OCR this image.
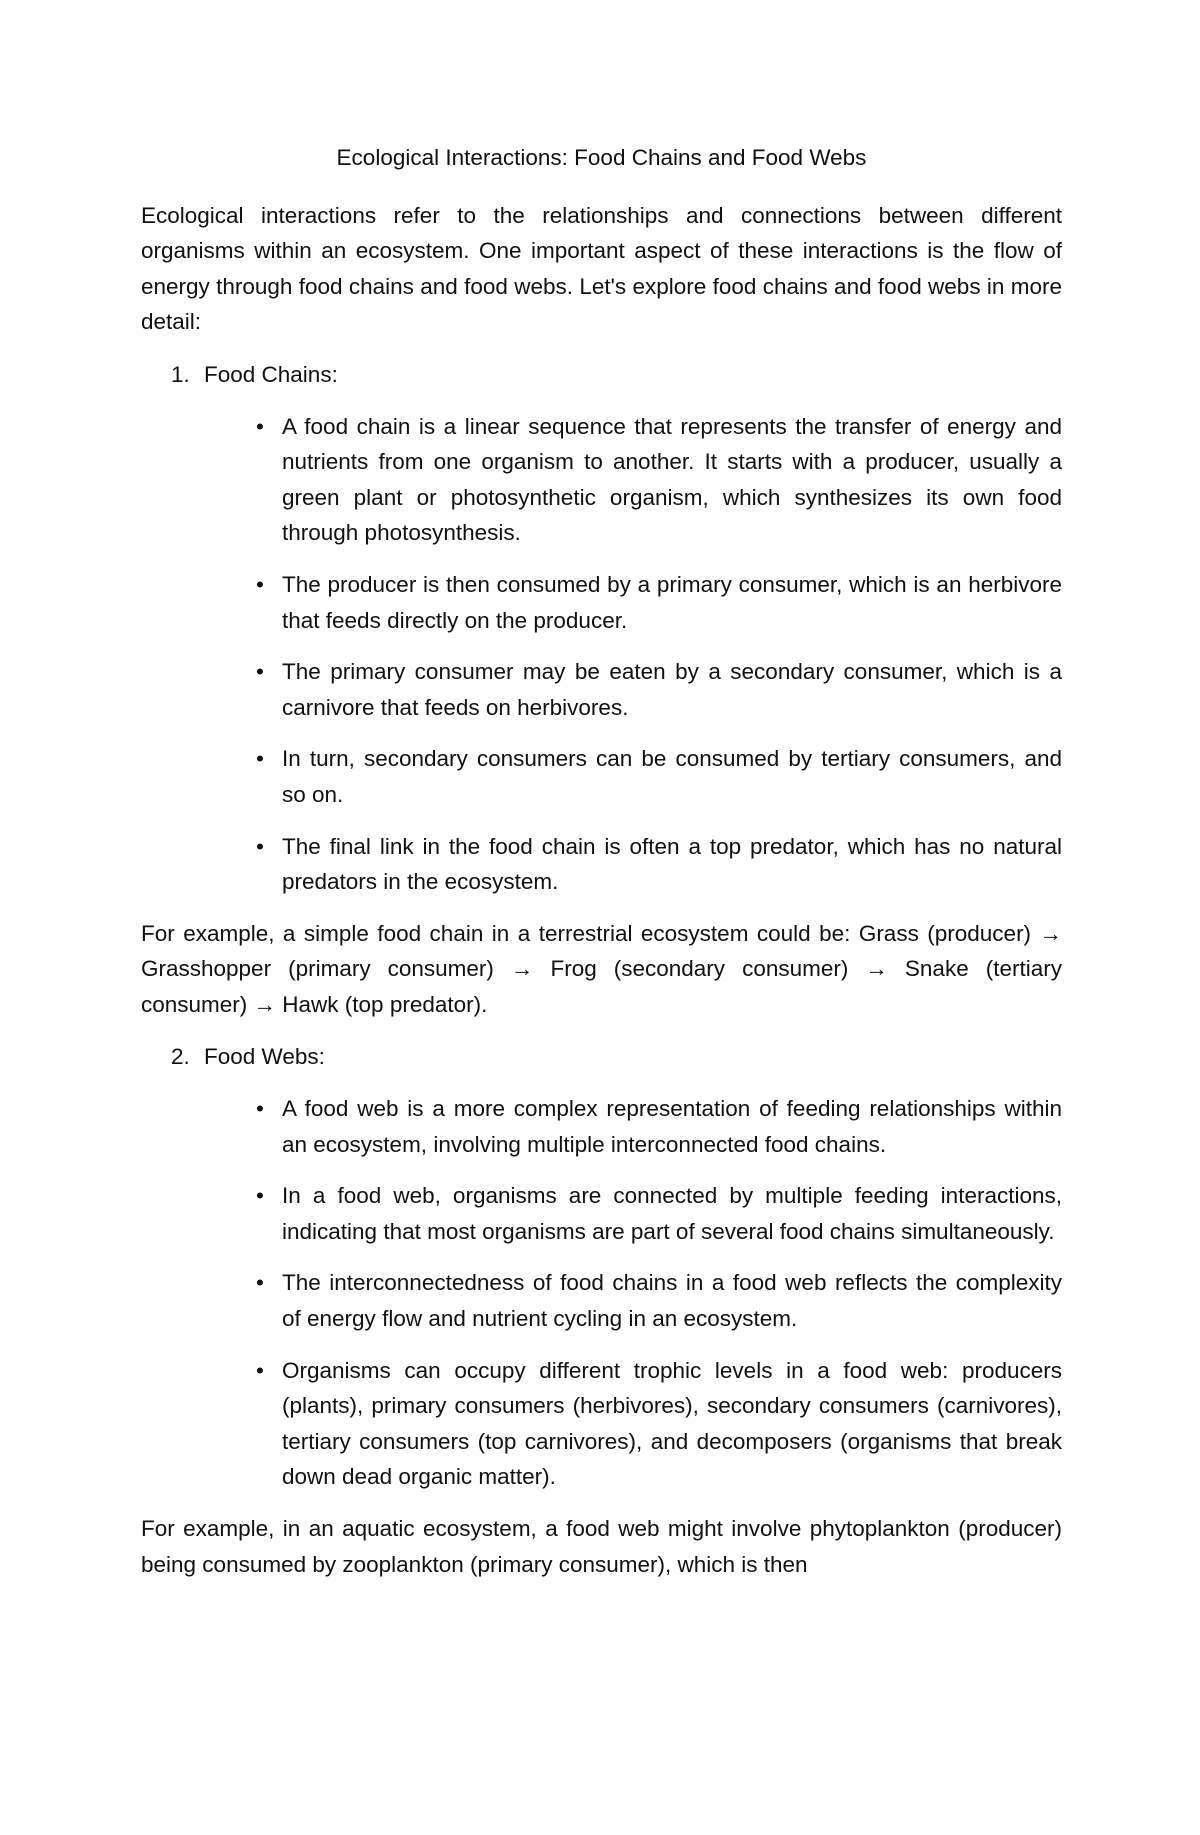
Ecological Interactions: Food Chains and Food Webs

Ecological interactions refer to the relationships and connections between different organisms within an ecosystem. One important aspect of these interactions is the flow of energy through food chains and food webs. Let's explore food chains and food webs in more detail:

1. Food Chains:
• A food chain is a linear sequence that represents the transfer of energy and nutrients from one organism to another. It starts with a producer, usually a green plant or photosynthetic organism, which synthesizes its own food through photosynthesis.
• The producer is then consumed by a primary consumer, which is an herbivore that feeds directly on the producer.
• The primary consumer may be eaten by a secondary consumer, which is a carnivore that feeds on herbivores.
• In turn, secondary consumers can be consumed by tertiary consumers, and so on.
• The final link in the food chain is often a top predator, which has no natural predators in the ecosystem.

For example, a simple food chain in a terrestrial ecosystem could be: Grass (producer) → Grasshopper (primary consumer) → Frog (secondary consumer) → Snake (tertiary consumer) → Hawk (top predator).

2. Food Webs:
• A food web is a more complex representation of feeding relationships within an ecosystem, involving multiple interconnected food chains.
• In a food web, organisms are connected by multiple feeding interactions, indicating that most organisms are part of several food chains simultaneously.
• The interconnectedness of food chains in a food web reflects the complexity of energy flow and nutrient cycling in an ecosystem.
• Organisms can occupy different trophic levels in a food web: producers (plants), primary consumers (herbivores), secondary consumers (carnivores), tertiary consumers (top carnivores), and decomposers (organisms that break down dead organic matter).

For example, in an aquatic ecosystem, a food web might involve phytoplankton (producer) being consumed by zooplankton (primary consumer), which is then
